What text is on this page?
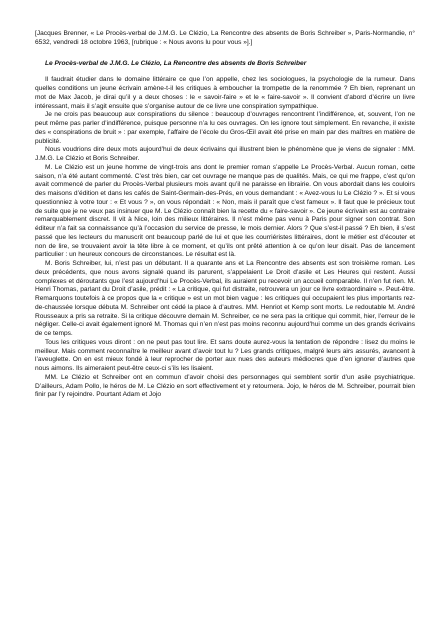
[Jacques Brenner, « Le Procès-verbal de J.M.G. Le Clézio, La Rencontre des absents de Boris Schreiber », Paris-Normandie, n° 6532, vendredi 18 octobre 1963, [rubrique : « Nous avons lu pour vous »].]

Le Procès-verbal de J.M.G. Le Clézio, La Rencontre des absents de Boris Schreiber

Il faudrait étudier dans le domaine littéraire ce que l’on appelle, chez les sociologues, la psychologie de la rumeur. Dans quelles conditions un jeune écrivain amène-t-il les critiques à emboucher la trompette de la renommée ? Eh bien, reprenant un mot de Max Jacob, je dirai qu’il y a deux choses : le « savoir-faire » et le « faire-savoir ». Il convient d’abord d’écrire un livre intéressant, mais il s’agit ensuite que s’organise autour de ce livre une conspiration sympathique.

Je ne crois pas beaucoup aux conspirations du silence : beaucoup d’ouvrages rencontrent l’indifférence, et, souvent, l’on ne peut même pas parler d’indifférence, puisque personne n’a lu ces ouvrages. On les ignore tout simplement. En revanche, il existe des « conspirations de bruit » : par exemple, l’affaire de l’école du Gros-Œil avait été prise en main par des maîtres en matière de publicité.

Nous voudrions dire deux mots aujourd’hui de deux écrivains qui illustrent bien le phénomène que je viens de signaler : MM. J.M.G. Le Clézio et Boris Schreiber.

M. Le Clézio est un jeune homme de vingt-trois ans dont le premier roman s’appelle Le Procès-Verbal. Aucun roman, cette saison, n’a été autant commenté. C’est très bien, car cet ouvrage ne manque pas de qualités. Mais, ce qui me frappe, c’est qu’on avait commencé de parler du Procès-Verbal plusieurs mois avant qu’il ne paraisse en librairie. On vous abordait dans les couloirs des maisons d’édition et dans les cafés de Saint-Germain-des-Prés, en vous demandant : « Avez-vous lu Le Clézio ? ». Et si vous questionniez à votre tour : « Et vous ? », on vous répondait : « Non, mais il paraît que c’est fameux ». Il faut que le précieux tout de suite que je ne veux pas insinuer que M. Le Clézio connaît bien la recette du « faire-savoir ». Ce jeune écrivain est au contraire remarquablement discret. Il vit à Nice, loin des milieux littéraires. Il n’est même pas venu à Paris pour signer son contrat. Son éditeur n’a fait sa connaissance qu’à l’occasion du service de presse, le mois dernier. Alors ? Que s’est-il passé ? Eh bien, il s’est passé que les lecteurs du manuscrit ont beaucoup parlé de lui et que les courriéristes littéraires, dont le métier est d’écouter et non de lire, se trouvaient avoir la tête libre à ce moment, et qu’ils ont prêté attention à ce qu’on leur disait. Pas de lancement particulier : un heureux concours de circonstances. Le résultat est là.

M. Boris Schreiber, lui, n’est pas un débutant. Il a quarante ans et La Rencontre des absents est son troisième roman. Les deux précédents, que nous avons signalé quand ils parurent, s’appelaient Le Droit d’asile et Les Heures qui restent. Aussi complexes et déroutants que l’est aujourd’hui Le Procès-Verbal, ils auraient pu recevoir un accueil comparable. Il n’en fut rien. M. Henri Thomas, parlant du Droit d’asile, prédit : « La critique, qui fut distraite, retrouvera un jour ce livre extraordinaire ». Peut-être. Remarquons toutefois à ce propos que la « critique » est un mot bien vague : les critiques qui occupaient les plus importants rez-de-chaussée lorsque débuta M. Schreiber ont cédé la place à d’autres. MM. Henriot et Kemp sont morts. Le redoutable M. André Rousseaux a pris sa retraite. Si la critique découvre demain M. Schreiber, ce ne sera pas la critique qui commit, hier, l’erreur de le négliger. Celle-ci avait également ignoré M. Thomas qui n’en n’est pas moins reconnu aujourd’hui comme un des grands écrivains de ce temps.

Tous les critiques vous diront : on ne peut pas tout lire. Et sans doute aurez-vous la tentation de répondre : lisez du moins le meilleur. Mais comment reconnaître le meilleur avant d’avoir tout lu ? Les grands critiques, malgré leurs airs assurés, avancent à l’aveuglette. On en est mieux fondé à leur reprocher de porter aux nues des auteurs médiocres que d’en ignorer d’autres que nous aimons. Ils aimeraient peut-être ceux-ci s’ils les lisaient.

MM. Le Clézio et Schreiber ont en commun d’avoir choisi des personnages qui semblent sortir d’un asile psychiatrique. D’ailleurs, Adam Pollo, le héros de M. Le Clézio en sort effectivement et y retournera. Jojo, le héros de M. Schreiber, pourrait bien finir par l’y rejoindre. Pourtant Adam et Jojo
